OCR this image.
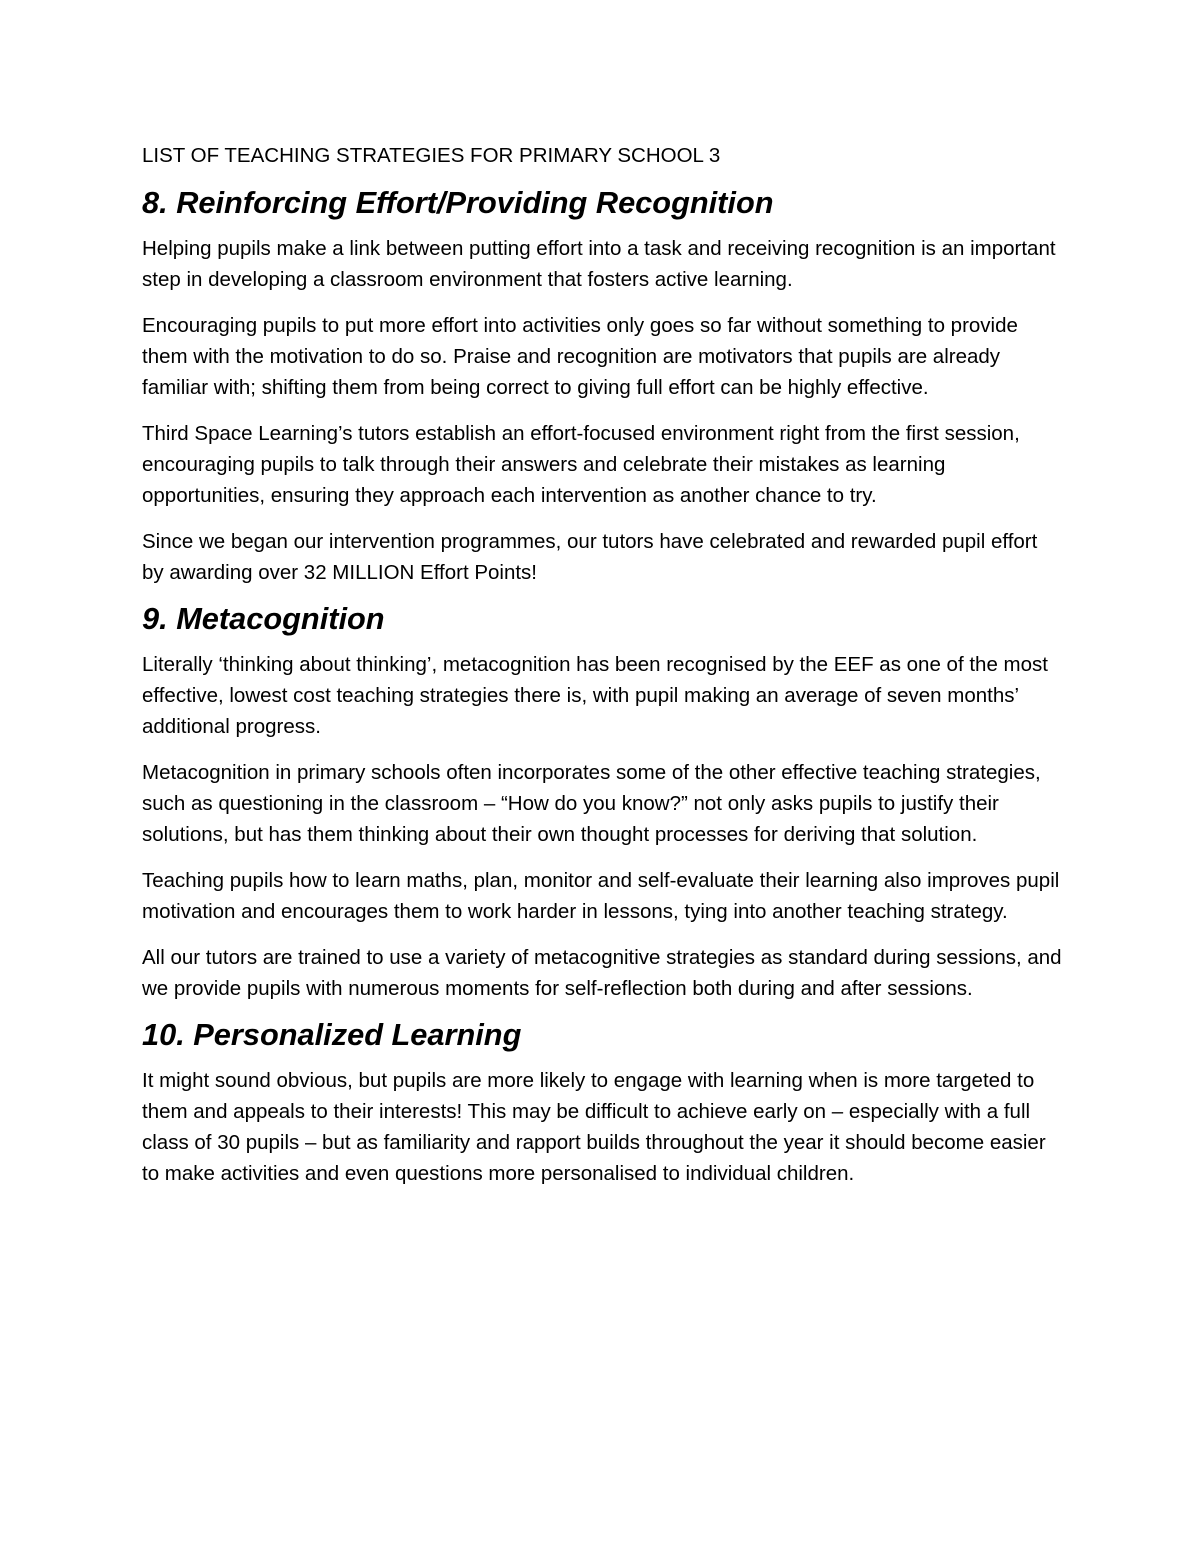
LIST OF TEACHING STRATEGIES FOR PRIMARY SCHOOL 3
8. Reinforcing Effort/Providing Recognition

Helping pupils make a link between putting effort into a task and receiving recognition is an important step in developing a classroom environment that fosters active learning.

Encouraging pupils to put more effort into activities only goes so far without something to provide them with the motivation to do so. Praise and recognition are motivators that pupils are already familiar with; shifting them from being correct to giving full effort can be highly effective.

Third Space Learning’s tutors establish an effort-focused environment right from the first session, encouraging pupils to talk through their answers and celebrate their mistakes as learning opportunities, ensuring they approach each intervention as another chance to try.

Since we began our intervention programmes, our tutors have celebrated and rewarded pupil effort by awarding over 32 MILLION Effort Points!

9. Metacognition

Literally ‘thinking about thinking’, metacognition has been recognised by the EEF as one of the most effective, lowest cost teaching strategies there is, with pupil making an average of seven months’ additional progress.

Metacognition in primary schools often incorporates some of the other effective teaching strategies, such as questioning in the classroom – “How do you know?” not only asks pupils to justify their solutions, but has them thinking about their own thought processes for deriving that solution.

Teaching pupils how to learn maths, plan, monitor and self-evaluate their learning also improves pupil motivation and encourages them to work harder in lessons, tying into another teaching strategy.

All our tutors are trained to use a variety of metacognitive strategies as standard during sessions, and we provide pupils with numerous moments for self-reflection both during and after sessions.

10. Personalized Learning

It might sound obvious, but pupils are more likely to engage with learning when is more targeted to them and appeals to their interests! This may be difficult to achieve early on – especially with a full class of 30 pupils – but as familiarity and rapport builds throughout the year it should become easier to make activities and even questions more personalised to individual children.
